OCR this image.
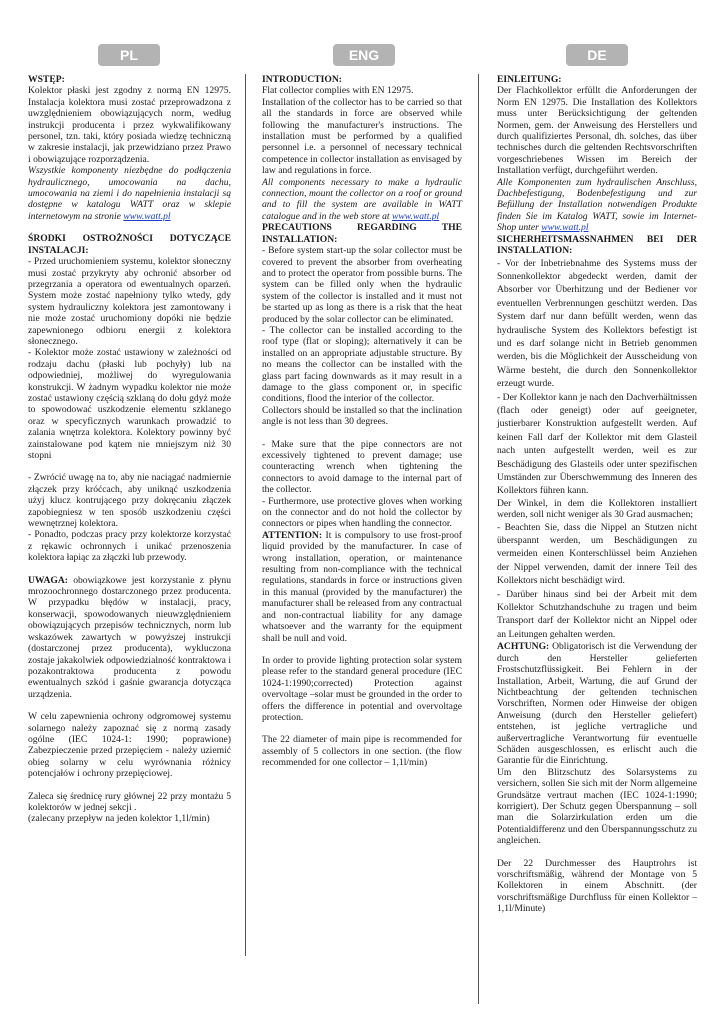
PL	ENG	DE

WSTĘP:

Kolektor płaski jest zgodny z normą EN 12975. Instalacja kolektora musi zostać przeprowadzona z uwzględnieniem obowiązujących norm, według instrukcji producenta i przez wykwalifikowany personel, tzn. taki, który posiada wiedzę techniczną w zakresie instalacji, jak przewidziano przez Prawo i obowiązujące rozporządzenia.

Wszystkie komponenty niezbędne do podłączenia hydraulicznego, umocowania na dachu, umocowania na ziemi i do napełnienia instalacji są dostępne w katalogu WATT oraz w sklepie internetowym na stronie www.watt.pl

ŚRODKI OSTROŻNOŚCI DOTYCZĄCE INSTALACJI:

- Przed uruchomieniem systemu, kolektor słoneczny musi zostać przykryty aby ochronić absorber od przegrzania a operatora od ewentualnych oparzeń. System może zostać napełniony tylko wtedy, gdy system hydrauliczny kolektora jest zamontowany i nie może zostać uruchomiony dopóki nie będzie zapewnionego odbioru energii z kolektora słonecznego.

- Kolektor może zostać ustawiony w zależności od rodzaju dachu (płaski lub pochyły) lub na odpowiedniej, możliwej do wyregulowania konstrukcji. W żadnym wypadku kolektor nie może zostać ustawiony częścią szklaną do dołu gdyż może to spowodować uszkodzenie elementu szklanego oraz w specyficznych warunkach prowadzić to zalania wnętrza kolektora. Kolektory powinny być zainstalowane pod kątem nie mniejszym niż 30 stopni

- Zwrócić uwagę na to, aby nie naciągać nadmiernie złączek przy króćcach, aby uniknąć uszkodzenia użyj klucz kontrującego przy dokręcaniu złączek zapobiegniesz w ten sposób uszkodzeniu części wewnętrznej kolektora.

- Ponadto, podczas pracy przy kolektorze korzystać z rękawic ochronnych i unikać przenoszenia kolektora łapiąc za złączki lub przewody.

UWAGA: obowiązkowe jest korzystanie z płynu mrozoochronnego dostarczonego przez producenta. W przypadku błędów w instalacji, pracy, konserwacji, spowodowanych nieuwzględnieniem obowiązujących przepisów technicznych, norm lub wskazówek zawartych w powyższej instrukcji (dostarczonej przez producenta), wykluczona zostaje jakakolwiek odpowiedzialność kontraktowa i pozakontraktowa producenta z powodu ewentualnych szkód i gaśnie gwarancja dotycząca urządzenia.

W celu zapewnienia ochrony odgromowej systemu solarnego należy zapoznać się z normą zasady ogólne (IEC 1024-1: 1990; poprawione) Zabezpieczenie przed przepięciem - należy uziemić obieg solarny w celu wyrównania różnicy potencjałów i ochrony przepięciowej.

Zaleca się średnicę rury głównej 22 przy montażu 5 kolektorów w jednej sekcji .

(zalecany przepływ na jeden kolektor 1,1l/min)

INTRODUCTION:

Flat collector complies with EN 12975.

Installation of the collector has to be carried so that all the standards in force are observed while following the manufacturer's instructions. The installation must be performed by a qualified personnel i.e. a personnel of necessary technical competence in collector installation as envisaged by law and regulations in force.

All components necessary to make a hydraulic connection, mount the collector on a roof or ground and to fill the system are available in WATT catalogue and in the web store at www.watt.pl

PRECAUTIONS REGARDING THE INSTALLATION:

- Before system start-up the solar collector must be covered to prevent the absorber from overheating and to protect the operator from possible burns. The system can be filled only when the hydraulic system of the collector is installed and it must not be started up as long as there is a risk that the heat produced by the solar collector can be eliminated.

- The collector can be installed according to the roof type (flat or sloping); alternatively it can be installed on an appropriate adjustable structure. By no means the collector can be installed with the glass part facing downwards as it may result in a damage to the glass component or, in specific conditions, flood the interior of the collector.

Collectors should be installed so that the inclination angle is not less than 30 degrees.

- Make sure that the pipe connectors are not excessively tightened to prevent damage; use counteracting wrench when tightening the connectors to avoid damage to the internal part of the collector.

- Furthermore, use protective gloves when working on the connector and do not hold the collector by connectors or pipes when handling the connector.

ATTENTION: It is compulsory to use frost-proof liquid provided by the manufacturer. In case of wrong installation, operation, or maintenance resulting from non-compliance with the technical regulations, standards in force or instructions given in this manual (provided by the manufacturer) the manufacturer shall be released from any contractual and non-contractual liability for any damage whatsoever and the warranty for the equipment shall be null and void.

In order to provide lighting protection solar system please refer to the standard general procedure (IEC 1024-1:1990;corrected) Protection against overvoltage –solar must be grounded in the order to offers the difference in potential and overvoltage protection.

The 22 diameter of main pipe is recommended for assembly of 5 collectors in one section. (the flow recommended for one collector – 1,1l/min)

EINLEITUNG:

Der Flachkollektor erfüllt die Anforderungen der Norm EN 12975. Die Installation des Kollektors muss unter Berücksichtigung der geltenden Normen, gem. der Anweisung des Herstellers und durch qualifiziertes Personal, dh. solches, das über technisches durch die geltenden Rechtsvorschriften vorgeschriebenes Wissen im Bereich der Installation verfügt, durchgeführt werden.

Alle Komponenten zum hydraulischen Anschluss, Dachbefestigung, Bodenbefestigung und zur Befüllung der Installation notwendigen Produkte finden Sie im Katalog WATT, sowie im Internet-Shop unter www.watt.pl

SICHERHEITSMASSNAHMEN BEI DER INSTALLATION:

- Vor der Inbetriebnahme des Systems muss der Sonnenkollektor abgedeckt werden, damit der Absorber vor Überhitzung und der Bediener vor eventuellen Verbrennungen geschützt werden. Das System darf nur dann befüllt werden, wenn das hydraulische System des Kollektors befestigt ist und es darf solange nicht in Betrieb genommen werden, bis die Möglichkeit der Ausscheidung von Wärme besteht, die durch den Sonnenkollektor erzeugt wurde.

- Der Kollektor kann je nach den Dachverhältnissen (flach oder geneigt) oder auf geeigneter, justierbarer Konstruktion aufgestellt werden. Auf keinen Fall darf der Kollektor mit dem Glasteil nach unten aufgestellt werden, weil es zur Beschädigung des Glasteils oder unter spezifischen Umständen zur Überschwemmung des Inneren des Kollektors führen kann.

Der Winkel, in dem die Kollektoren installiert werden, soll nicht weniger als 30 Grad ausmachen;

- Beachten Sie, dass die Nippel an Stutzen nicht überspannt werden, um Beschädigungen zu vermeiden einen Konterschlüssel beim Anziehen der Nippel verwenden, damit der innere Teil des Kollektors nicht beschädigt wird.

- Darüber hinaus sind bei der Arbeit mit dem Kollektor Schutzhandschuhe zu tragen und beim Transport darf der Kollektor nicht an Nippel oder an Leitungen gehalten werden.

ACHTUNG: Obligatorisch ist die Verwendung der durch den Hersteller gelieferten Frostschutzflüssigkeit. Bei Fehlern in der Installation, Arbeit, Wartung, die auf Grund der Nichtbeachtung der geltenden technischen Vorschriften, Normen oder Hinweise der obigen Anweisung (durch den Hersteller geliefert) entstehen, ist jegliche vertragliche und außervertragliche Verantwortung für eventuelle Schäden ausgeschlossen, es erlischt auch die Garantie für die Einrichtung.

Um den Blitzschutz des Solarsystems zu versichern, sollen Sie sich mit der Norm allgemeine Grundsätze vertraut machen (IEC 1024-1:1990; korrigiert). Der Schutz gegen Überspannung – soll man die Solarzirkulation erden um die Potentialdifferenz und den Überspannungsschutz zu angleichen.

Der 22 Durchmesser des Hauptrohrs ist vorschriftsmäßig, während der Montage von 5 Kollektoren in einem Abschnitt. (der vorschriftsmäßige Durchfluss für einen Kollektor – 1,1l/Minute)
